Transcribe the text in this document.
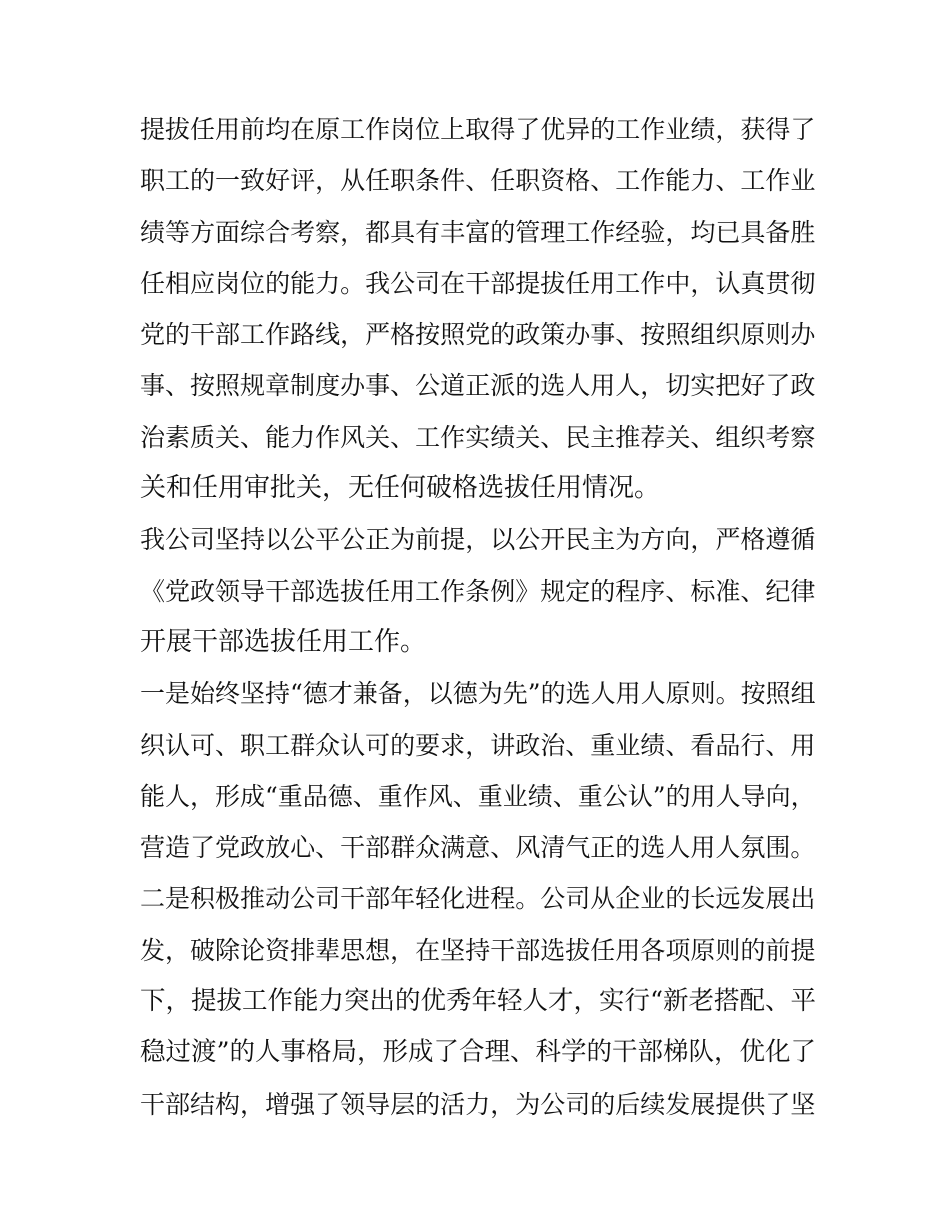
提拔任用前均在原工作岗位上取得了优异的工作业绩，获得了
职工的一致好评，从任职条件、任职资格、工作能力、工作业
绩等方面综合考察，都具有丰富的管理工作经验，均已具备胜
任相应岗位的能力。我公司在干部提拔任用工作中，认真贯彻
党的干部工作路线，严格按照党的政策办事、按照组织原则办
事、按照规章制度办事、公道正派的选人用人，切实把好了政
治素质关、能力作风关、工作实绩关、民主推荐关、组织考察
关和任用审批关，无任何破格选拔任用情况。
我公司坚持以公平公正为前提，以公开民主为方向，严格遵循
《党政领导干部选拔任用工作条例》规定的程序、标准、纪律
开展干部选拔任用工作。
一是始终坚持“德才兼备，以德为先”的选人用人原则。按照组
织认可、职工群众认可的要求，讲政治、重业绩、看品行、用
能人，形成“重品德、重作风、重业绩、重公认”的用人导向，
营造了党政放心、干部群众满意、风清气正的选人用人氛围。
二是积极推动公司干部年轻化进程。公司从企业的长远发展出
发，破除论资排辈思想，在坚持干部选拔任用各项原则的前提
下，提拔工作能力突出的优秀年轻人才，实行“新老搭配、平
稳过渡”的人事格局，形成了合理、科学的干部梯队，优化了
干部结构，增强了领导层的活力，为公司的后续发展提供了坚
